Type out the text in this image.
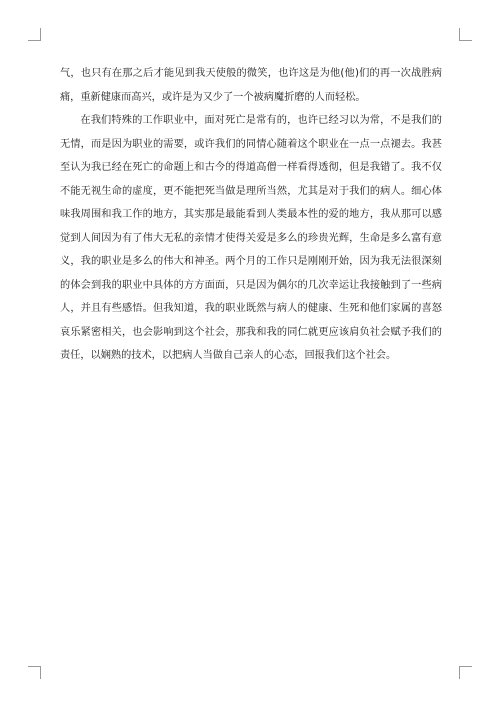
气，也只有在那之后才能见到我天使般的微笑，也许这是为他(他)们的再一次战胜病痛，重新健康而高兴，或许是为又少了一个被病魔折磨的人而轻松。

在我们特殊的工作职业中，面对死亡是常有的，也许已经习以为常，不是我们的无情，而是因为职业的需要，或许我们的同情心随着这个职业在一点一点褪去。我甚至认为我已经在死亡的命题上和古今的得道高僧一样看得透彻，但是我错了。我不仅不能无视生命的虚度，更不能把死当做是理所当然，尤其是对于我们的病人。细心体味我周围和我工作的地方，其实那是最能看到人类最本性的爱的地方，我从那可以感觉到人间因为有了伟大无私的亲情才使得关爱是多么的珍贵光辉，生命是多么富有意义，我的职业是多么的伟大和神圣。两个月的工作只是刚刚开始，因为我无法很深刻的体会到我的职业中具体的方方面面，只是因为偶尔的几次幸运让我接触到了一些病人，并且有些感悟。但我知道，我的职业既然与病人的健康、生死和他们家属的喜怒哀乐紧密相关，也会影响到这个社会，那我和我的同仁就更应该肩负社会赋予我们的责任，以娴熟的技术，以把病人当做自己亲人的心态，回报我们这个社会。
